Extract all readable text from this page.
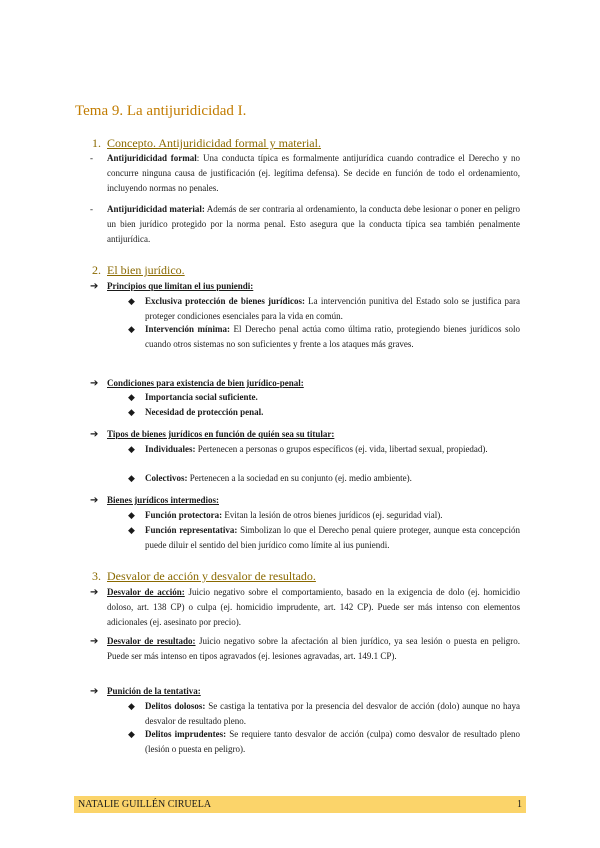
Tema 9. La antijuridicidad I.
1. Concepto. Antijuridicidad formal y material.
- Antijuridicidad formal: Una conducta típica es formalmente antijurídica cuando contradice el Derecho y no concurre ninguna causa de justificación (ej. legítima defensa). Se decide en función de todo el ordenamiento, incluyendo normas no penales.
- Antijuridicidad material: Además de ser contraria al ordenamiento, la conducta debe lesionar o poner en peligro un bien jurídico protegido por la norma penal. Esto asegura que la conducta típica sea también penalmente antijurídica.
2. El bien jurídico.
➔ Principios que limitan el ius puniendi:
◆ Exclusiva protección de bienes jurídicos: La intervención punitiva del Estado solo se justifica para proteger condiciones esenciales para la vida en común.
◆ Intervención mínima: El Derecho penal actúa como última ratio, protegiendo bienes jurídicos solo cuando otros sistemas no son suficientes y frente a los ataques más graves.
➔ Condiciones para existencia de bien jurídico-penal:
◆ Importancia social suficiente.
◆ Necesidad de protección penal.
➔ Tipos de bienes jurídicos en función de quién sea su titular:
◆ Individuales: Pertenecen a personas o grupos específicos (ej. vida, libertad sexual, propiedad).
◆ Colectivos: Pertenecen a la sociedad en su conjunto (ej. medio ambiente).
➔ Bienes jurídicos intermedios:
◆ Función protectora: Evitan la lesión de otros bienes jurídicos (ej. seguridad vial).
◆ Función representativa: Simbolizan lo que el Derecho penal quiere proteger, aunque esta concepción puede diluir el sentido del bien jurídico como límite al ius puniendi.
3. Desvalor de acción y desvalor de resultado.
➔ Desvalor de acción: Juicio negativo sobre el comportamiento, basado en la exigencia de dolo (ej. homicidio doloso, art. 138 CP) o culpa (ej. homicidio imprudente, art. 142 CP). Puede ser más intenso con elementos adicionales (ej. asesinato por precio).
➔ Desvalor de resultado: Juicio negativo sobre la afectación al bien jurídico, ya sea lesión o puesta en peligro. Puede ser más intenso en tipos agravados (ej. lesiones agravadas, art. 149.1 CP).
➔ Punición de la tentativa:
◆ Delitos dolosos: Se castiga la tentativa por la presencia del desvalor de acción (dolo) aunque no haya desvalor de resultado pleno.
◆ Delitos imprudentes: Se requiere tanto desvalor de acción (culpa) como desvalor de resultado pleno (lesión o puesta en peligro).
NATALIE GUILLÉN CIRUELA	1
